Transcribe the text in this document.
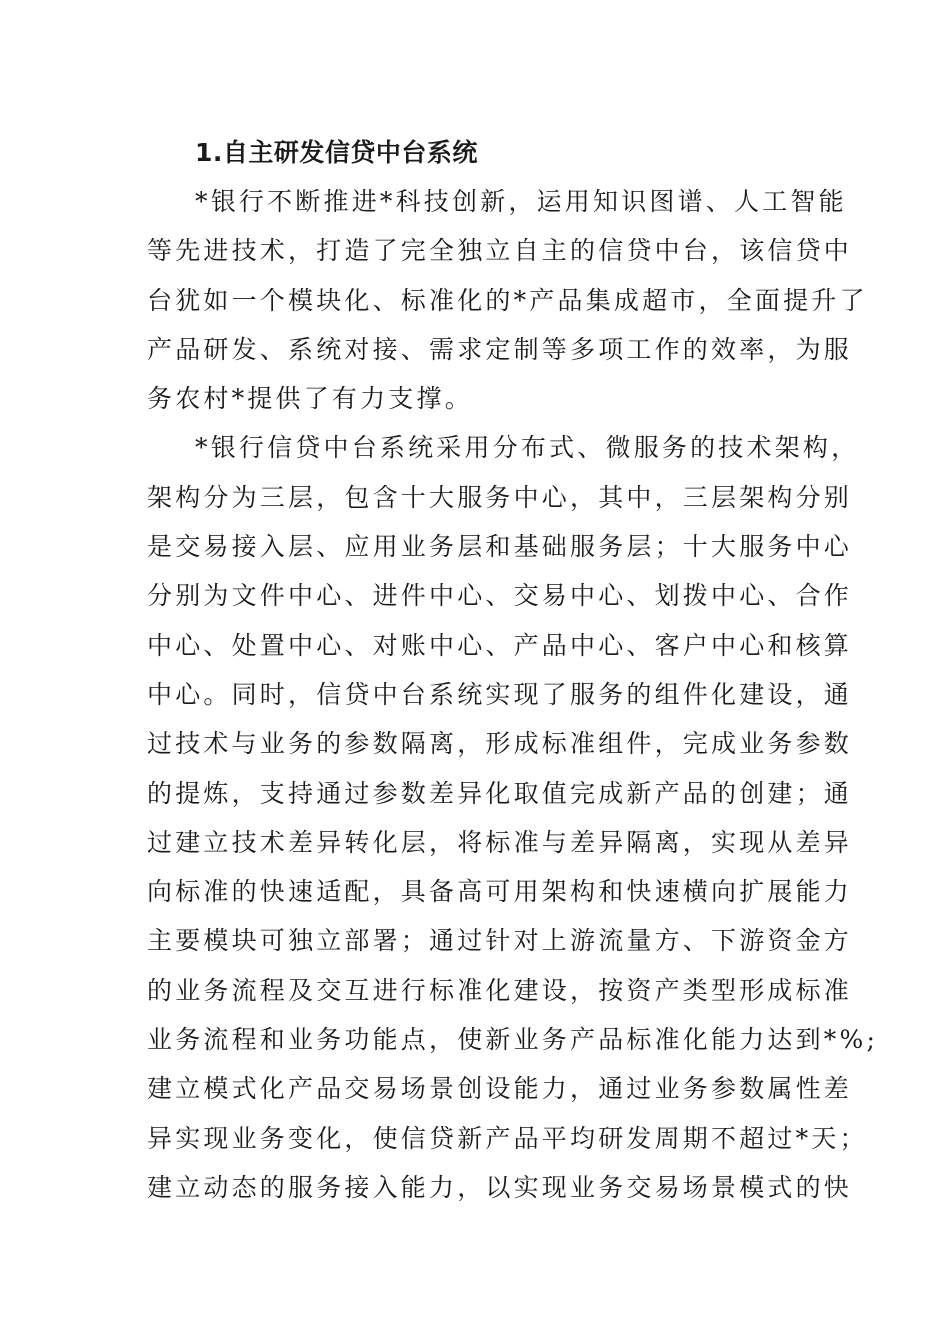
1.自主研发信贷中台系统
*银行不断推进*科技创新，运用知识图谱、人工智能
等先进技术，打造了完全独立自主的信贷中台，该信贷中
台犹如一个模块化、标准化的*产品集成超市，全面提升了
产品研发、系统对接、需求定制等多项工作的效率，为服
务农村*提供了有力支撑。
*银行信贷中台系统采用分布式、微服务的技术架构，
架构分为三层，包含十大服务中心，其中，三层架构分别
是交易接入层、应用业务层和基础服务层；十大服务中心
分别为文件中心、进件中心、交易中心、划拨中心、合作
中心、处置中心、对账中心、产品中心、客户中心和核算
中心。同时，信贷中台系统实现了服务的组件化建设，通
过技术与业务的参数隔离，形成标准组件，完成业务参数
的提炼，支持通过参数差异化取值完成新产品的创建；通
过建立技术差异转化层，将标准与差异隔离，实现从差异
向标准的快速适配，具备高可用架构和快速横向扩展能力
主要模块可独立部署；通过针对上游流量方、下游资金方
的业务流程及交互进行标准化建设，按资产类型形成标准
业务流程和业务功能点，使新业务产品标准化能力达到*%;
建立模式化产品交易场景创设能力，通过业务参数属性差
异实现业务变化，使信贷新产品平均研发周期不超过*天；
建立动态的服务接入能力，以实现业务交易场景模式的快
